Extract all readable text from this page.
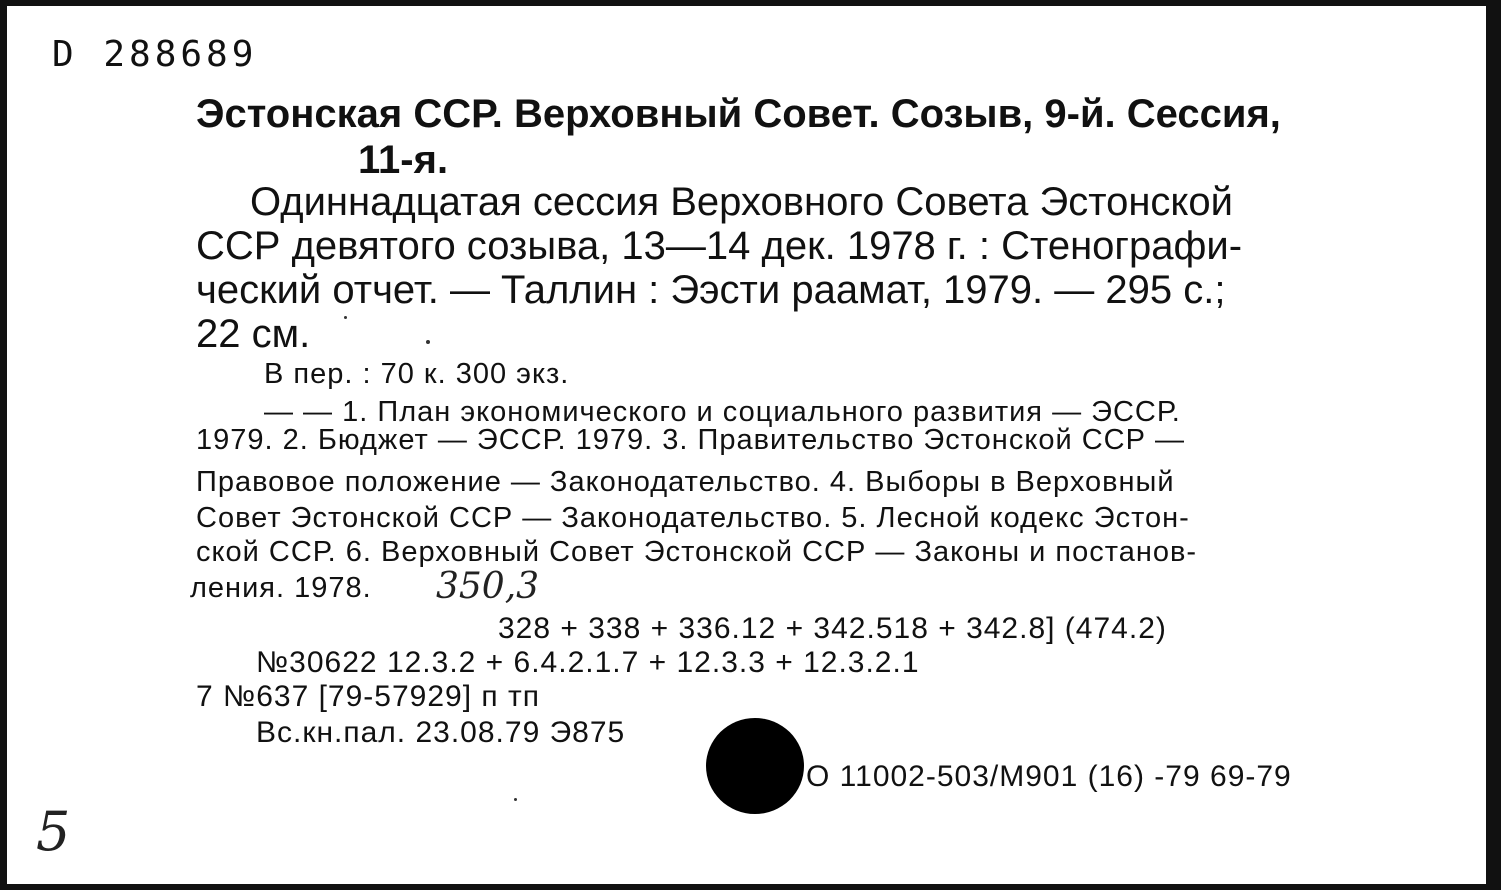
D 288689
Эстонская ССР. Верховный Совет. Созыв, 9-й. Сессия,
11-я.
Одиннадцатая сессия Верховного Совета Эстонской
ССР девятого созыва, 13—14 дек. 1978 г. : Стенографи-
ческий отчет. — Таллин : Ээсти раамат, 1979. — 295 с.;
22 см.
В пер. : 70 к. 300 экз.
— — 1. План экономического и социального развития — ЭССР.
1979. 2. Бюджет — ЭССР. 1979. 3. Правительство Эстонской ССР —
Правовое положение — Законодательство. 4. Выборы в Верховный
Совет Эстонской ССР — Законодательство. 5. Лесной кодекс Эстон-
ской ССР. 6. Верховный Совет Эстонской ССР — Законы и постанов-
ления. 1978. 350,3
328 + 338 + 336.12 + 342.518 + 342.8] (474.2)
№30622 12.3.2 + 6.4.2.1.7 + 12.3.3 + 12.3.2.1
7 №637 [79-57929] п тп
Вс.кн.пал. 23.08.79 Э875
О 11002-503/М901 (16) -79 69-79
5
